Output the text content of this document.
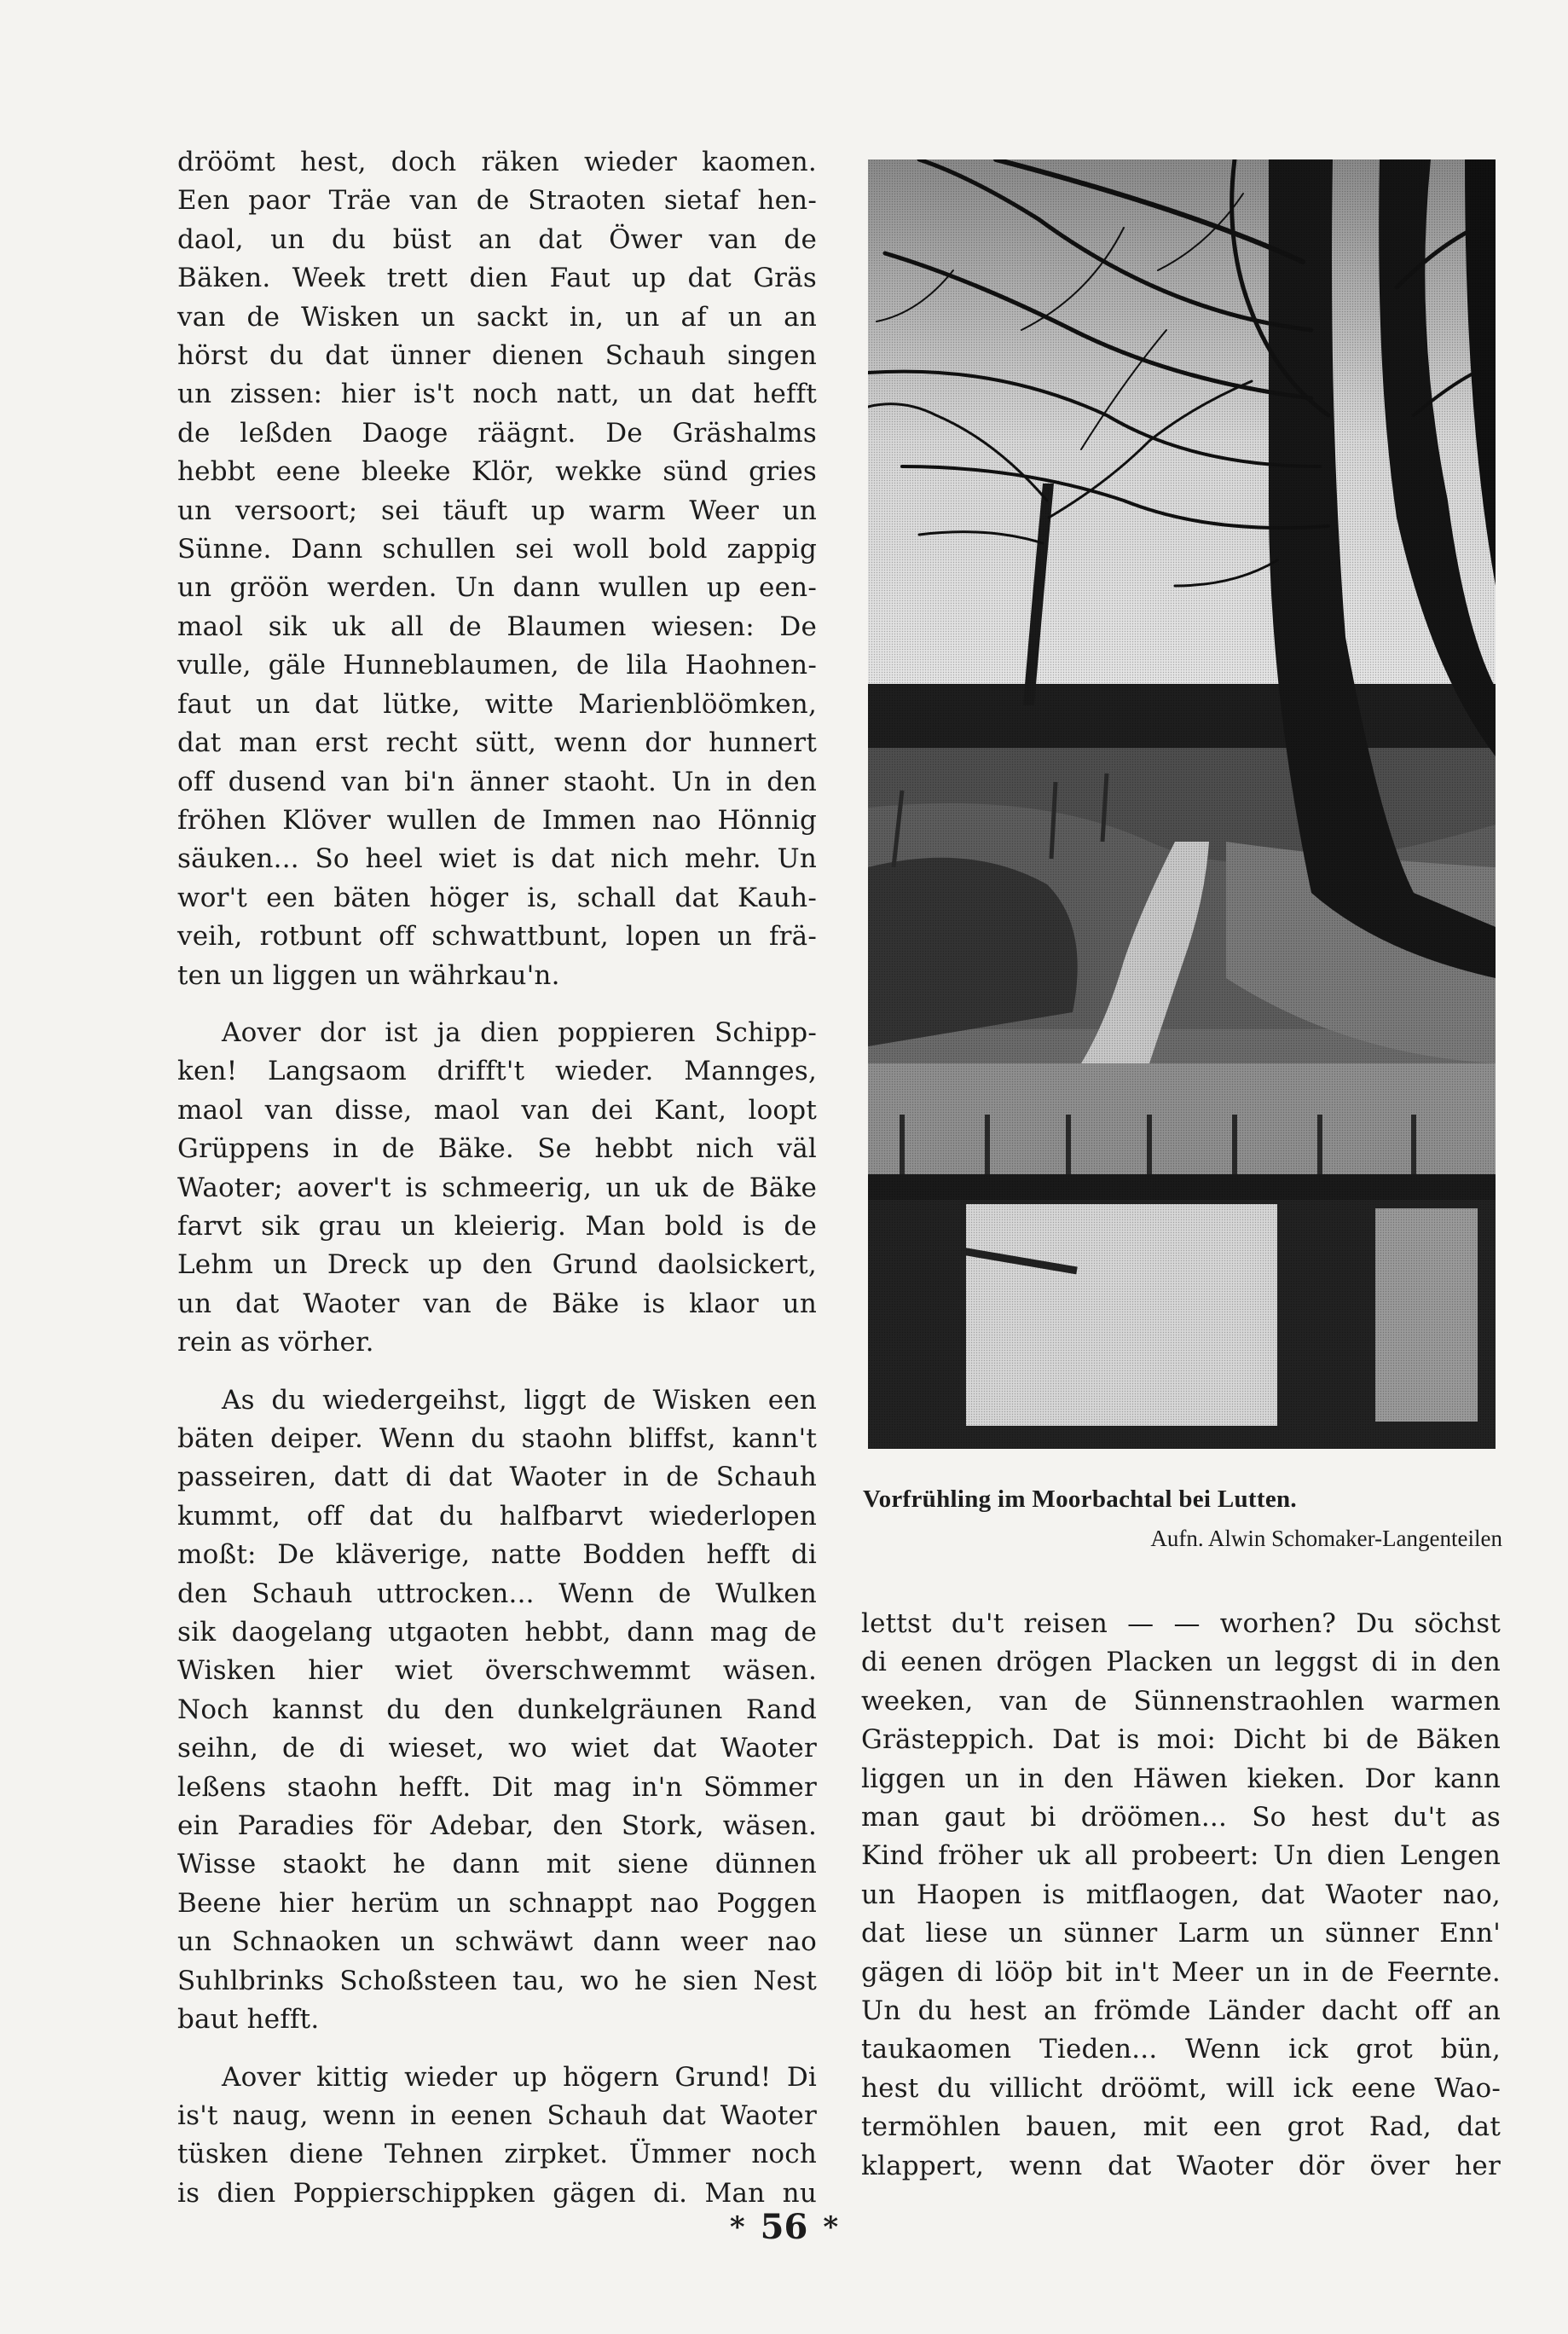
dröömt hest, doch räken wieder kaomen.
Een paor Träe van de Straoten sietaf hen-
daol, un du büst an dat Öwer van de
Bäken. Week trett dien Faut up dat Gräs
van de Wisken un sackt in, un af un an
hörst du dat ünner dienen Schauh singen
un zissen: hier is't noch natt, un dat hefft
de leßden Daoge räägnt. De Gräshalms
hebbt eene bleeke Klör, wekke sünd gries
un versoort; sei täuft up warm Weer un
Sünne. Dann schullen sei woll bold zappig
un gröön werden. Un dann wullen up een-
maol sik uk all de Blaumen wiesen: De
vulle, gäle Hunneblaumen, de lila Haohnen-
faut un dat lütke, witte Marienblöömken,
dat man erst recht sütt, wenn dor hunnert
off dusend van bi'n änner staoht. Un in den
fröhen Klöver wullen de Immen nao Hönnig
säuken... So heel wiet is dat nich mehr. Un
wor't een bäten höger is, schall dat Kauh-
veih, rotbunt off schwattbunt, lopen un frä-
ten un liggen un währkau'n.

Aover dor ist ja dien poppieren Schipp-
ken! Langsaom drifft't wieder. Mannges,
maol van disse, maol van dei Kant, loopt
Grüppens in de Bäke. Se hebbt nich väl
Waoter; aover't is schmeerig, un uk de Bäke
farvt sik grau un kleierig. Man bold is de
Lehm un Dreck up den Grund daolsickert,
un dat Waoter van de Bäke is klaor un
rein as vörher.

As du wiedergeihst, liggt de Wisken een
bäten deiper. Wenn du staohn bliffst, kann't
passeiren, datt di dat Waoter in de Schauh
kummt, off dat du halfbarvt wiederlopen
moßt: De kläverige, natte Bodden hefft di
den Schauh uttrocken... Wenn de Wulken
sik daogelang utgaoten hebbt, dann mag de
Wisken hier wiet överschwemmt wäsen.
Noch kannst du den dunkelgräunen Rand
seihn, de di wieset, wo wiet dat Waoter
leßens staohn hefft. Dit mag in'n Sömmer
ein Paradies för Adebar, den Stork, wäsen.
Wisse staokt he dann mit siene dünnen
Beene hier herüm un schnappt nao Poggen
un Schnaoken un schwäwt dann weer nao
Suhlbrinks Schoßsteen tau, wo he sien Nest
baut hefft.

Aover kittig wieder up högern Grund! Di
is't naug, wenn in eenen Schauh dat Waoter
tüsken diene Tehnen zirpket. Ümmer noch
is dien Poppierschippken gägen di. Man nu

Vorfrühling im Moorbachtal bei Lutten.
Aufn. Alwin Schomaker-Langenteilen

lettst du't reisen — — worhen? Du söchst
di eenen drögen Placken un leggst di in den
weeken, van de Sünnenstraohlen warmen
Grästeppich. Dat is moi: Dicht bi de Bäken
liggen un in den Häwen kieken. Dor kann
man gaut bi dröömen... So hest du't as
Kind fröher uk all probeert: Un dien Lengen
un Haopen is mitflaogen, dat Waoter nao,
dat liese un sünner Larm un sünner Enn'
gägen di lööp bit in't Meer un in de Feernte.
Un du hest an frömde Länder dacht off an
taukaomen Tieden... Wenn ick grot bün,
hest du villicht dröömt, will ick eene Wao-
termöhlen bauen, mit een grot Rad, dat
klappert, wenn dat Waoter dör över her

* 56 *
